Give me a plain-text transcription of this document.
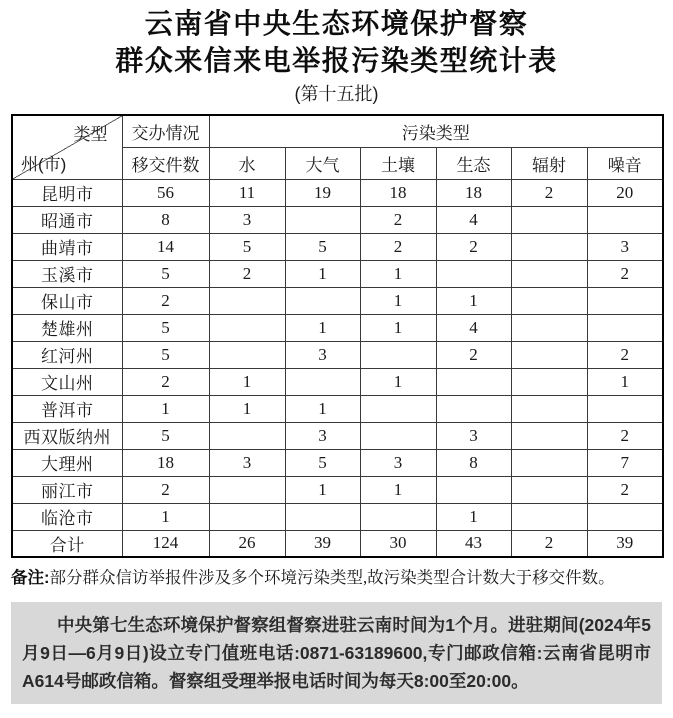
云南省中央生态环境保护督察
群众来信来电举报污染类型统计表
(第十五批)
类型
州(市)	交办情况	污染类型					
	移交件数	水	大气	土壤	生态	辐射	噪音
昆明市	56	11	19	18	18	2	20
昭通市	8	3		2	4		
曲靖市	14	5	5	2	2		3
玉溪市	5	2	1	1			2
保山市	2			1	1		
楚雄州	5		1	1	4		
红河州	5		3		2		2
文山州	2	1		1			1
普洱市	1	1	1				
西双版纳州	5		3		3		2
大理州	18	3	5	3	8		7
丽江市	2		1	1			2
临沧市	1				1		
合计	124	26	39	30	43	2	39

备注:部分群众信访举报件涉及多个环境污染类型,故污染类型合计数大于移交件数。

中央第七生态环境保护督察组督察进驻云南时间为1个月。进驻期间(2024年5月9日—6月9日)设立专门值班电话:0871-63189600,专门邮政信箱:云南省昆明市A614号邮政信箱。督察组受理举报电话时间为每天8:00至20:00。
